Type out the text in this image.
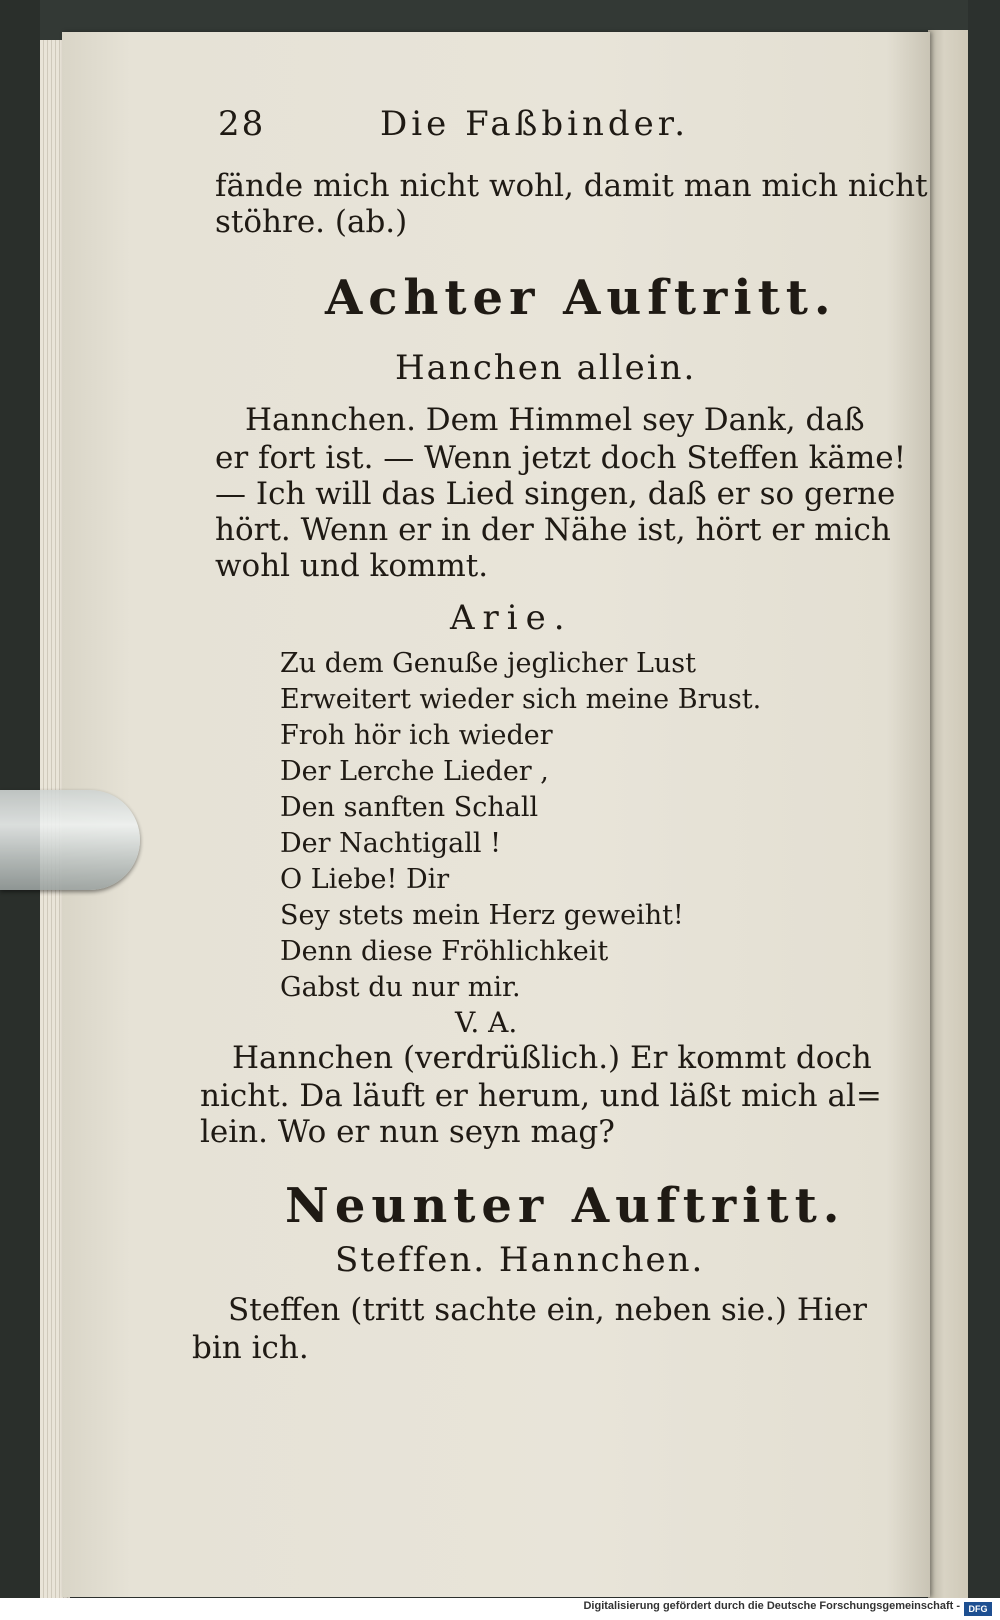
28	Die Faßbinder.
fände mich nicht wohl, damit man mich nicht
stöhre. (ab.)
Achter Auftritt.
Hanchen allein.
Hannchen. Dem Himmel sey Dank, daß
er fort ist. — Wenn jetzt doch Steffen käme!
— Ich will das Lied singen, daß er so gerne
hört. Wenn er in der Nähe ist, hört er mich
wohl und kommt.
Arie.
Zu dem Genuße jeglicher Lust
Erweitert wieder sich meine Brust.
Froh hör ich wieder
Der Lerche Lieder ,
Den sanften Schall
Der Nachtigall !
O Liebe! Dir
Sey stets mein Herz geweiht!
Denn diese Fröhlichkeit
Gabst du nur mir.
V. A.
Hannchen (verdrüßlich.) Er kommt doch
nicht. Da läuft er herum, und läßt mich al=
lein. Wo er nun seyn mag?
Neunter Auftritt.
Steffen. Hannchen.
Steffen (tritt sachte ein, neben sie.) Hier
bin ich.
Digitalisierung gefördert durch die Deutsche Forschungsgemeinschaft - DFG
